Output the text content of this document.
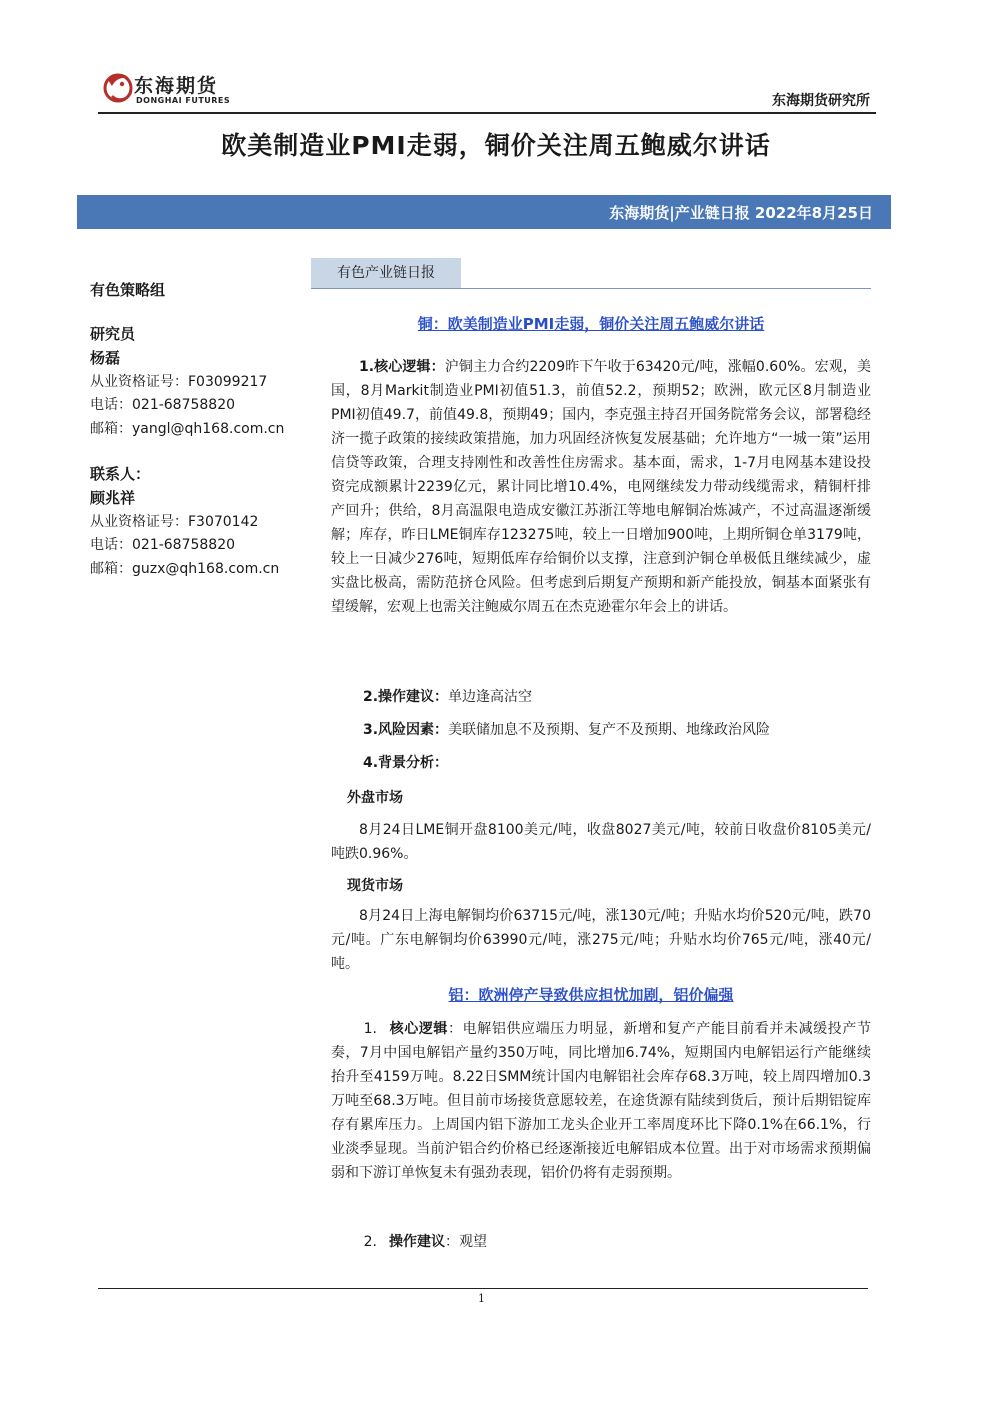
东海期货
DONGHAI FUTURES	东海期货研究所
欧美制造业PMI走弱，铜价关注周五鲍威尔讲话
东海期货|产业链日报 2022年8月25日
有色策略组
研究员
杨磊
从业资格证号：F03099217
电话：021-68758820
邮箱：yangl@qh168.com.cn
联系人：
顾兆祥
从业资格证号：F3070142
电话：021-68758820
邮箱：guzx@qh168.com.cn
有色产业链日报
铜：欧美制造业PMI走弱，铜价关注周五鲍威尔讲话
1.核心逻辑：沪铜主力合约2209昨下午收于63420元/吨，涨幅0.60%。宏观，美国，8月Markit制造业PMI初值51.3，前值52.2，预期52；欧洲，欧元区8月制造业PMI初值49.7，前值49.8，预期49；国内，李克强主持召开国务院常务会议，部署稳经济一揽子政策的接续政策措施，加力巩固经济恢复发展基础；允许地方“一城一策”运用信贷等政策，合理支持刚性和改善性住房需求。基本面，需求，1-7月电网基本建设投资完成额累计2239亿元，累计同比增10.4%，电网继续发力带动线缆需求，精铜杆排产回升；供给，8月高温限电造成安徽江苏浙江等地电解铜冶炼减产，不过高温逐渐缓解；库存，昨日LME铜库存123275吨，较上一日增加900吨，上期所铜仓单3179吨，较上一日减少276吨，短期低库存给铜价以支撑，注意到沪铜仓单极低且继续减少，虚实盘比极高，需防范挤仓风险。但考虑到后期复产预期和新产能投放，铜基本面紧张有望缓解，宏观上也需关注鲍威尔周五在杰克逊霍尔年会上的讲话。
2.操作建议：单边逢高沽空
3.风险因素：美联储加息不及预期、复产不及预期、地缘政治风险
4.背景分析：
外盘市场
8月24日LME铜开盘8100美元/吨，收盘8027美元/吨，较前日收盘价8105美元/吨跌0.96%。
现货市场
8月24日上海电解铜均价63715元/吨，涨130元/吨；升贴水均价520元/吨，跌70元/吨。广东电解铜均价63990元/吨，涨275元/吨；升贴水均价765元/吨，涨40元/吨。
铝：欧洲停产导致供应担忧加剧，铝价偏强
1. 核心逻辑：电解铝供应端压力明显，新增和复产产能目前看并未减缓投产节奏，7月中国电解铝产量约350万吨，同比增加6.74%，短期国内电解铝运行产能继续抬升至4159万吨。8.22日SMM统计国内电解铝社会库存68.3万吨，较上周四增加0.3万吨至68.3万吨。但目前市场接货意愿较差，在途货源有陆续到货后，预计后期铝锭库存有累库压力。上周国内铝下游加工龙头企业开工率周度环比下降0.1%在66.1%，行业淡季显现。当前沪铝合约价格已经逐渐接近电解铝成本位置。出于对市场需求预期偏弱和下游订单恢复未有强劲表现，铝价仍将有走弱预期。
2. 操作建议：观望
1
